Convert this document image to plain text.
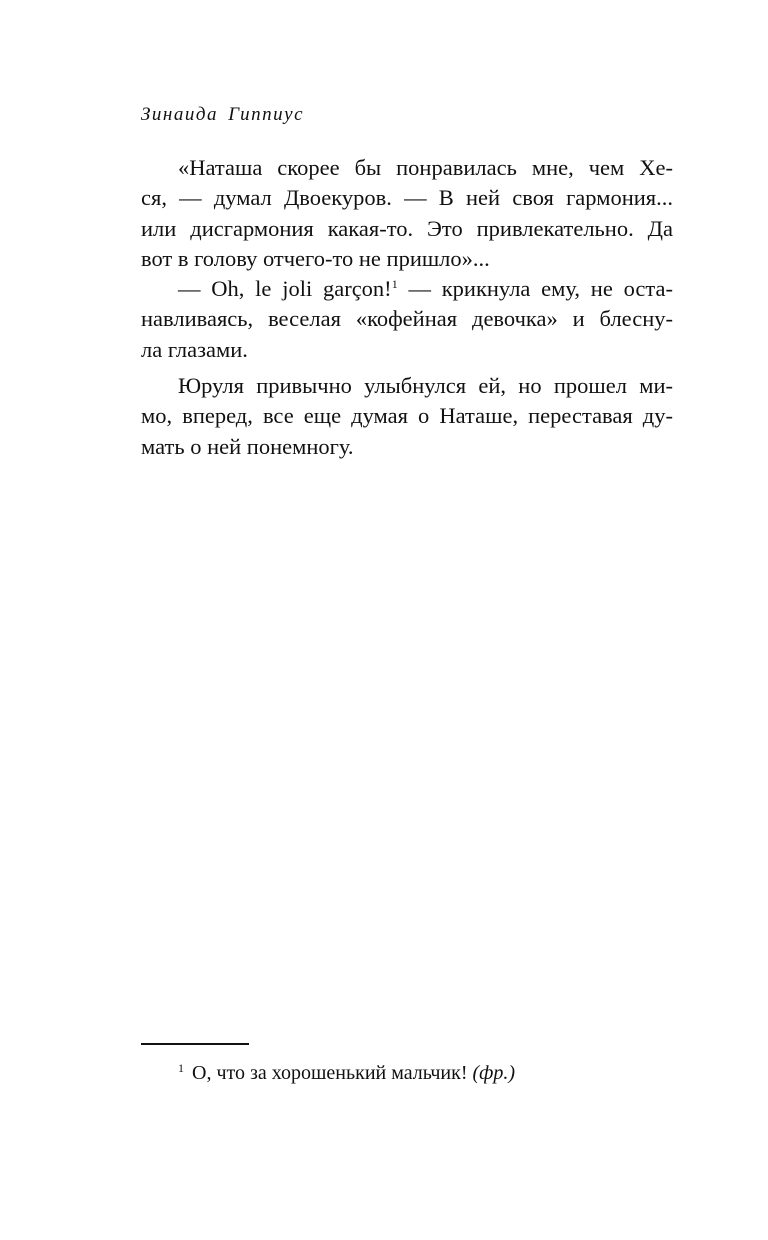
Зинаида Гиппиус
«Наташа скорее бы понравилась мне, чем Хе-
ся, — думал Двоекуров. — В ней своя гармония...
или дисгармония какая-то. Это привлекательно. Да
вот в голову отчего-то не пришло»...
— Oh, le joli garçon!$^1$ — крикнула ему, не оста-
навливаясь, веселая «кофейная девочка» и блесну-
ла глазами.
Юруля привычно улыбнулся ей, но прошел ми-
мо, вперед, все еще думая о Наташе, переставая ду-
мать о ней понемногу.
$^1$ О, что за хорошенький мальчик! (фр.)
